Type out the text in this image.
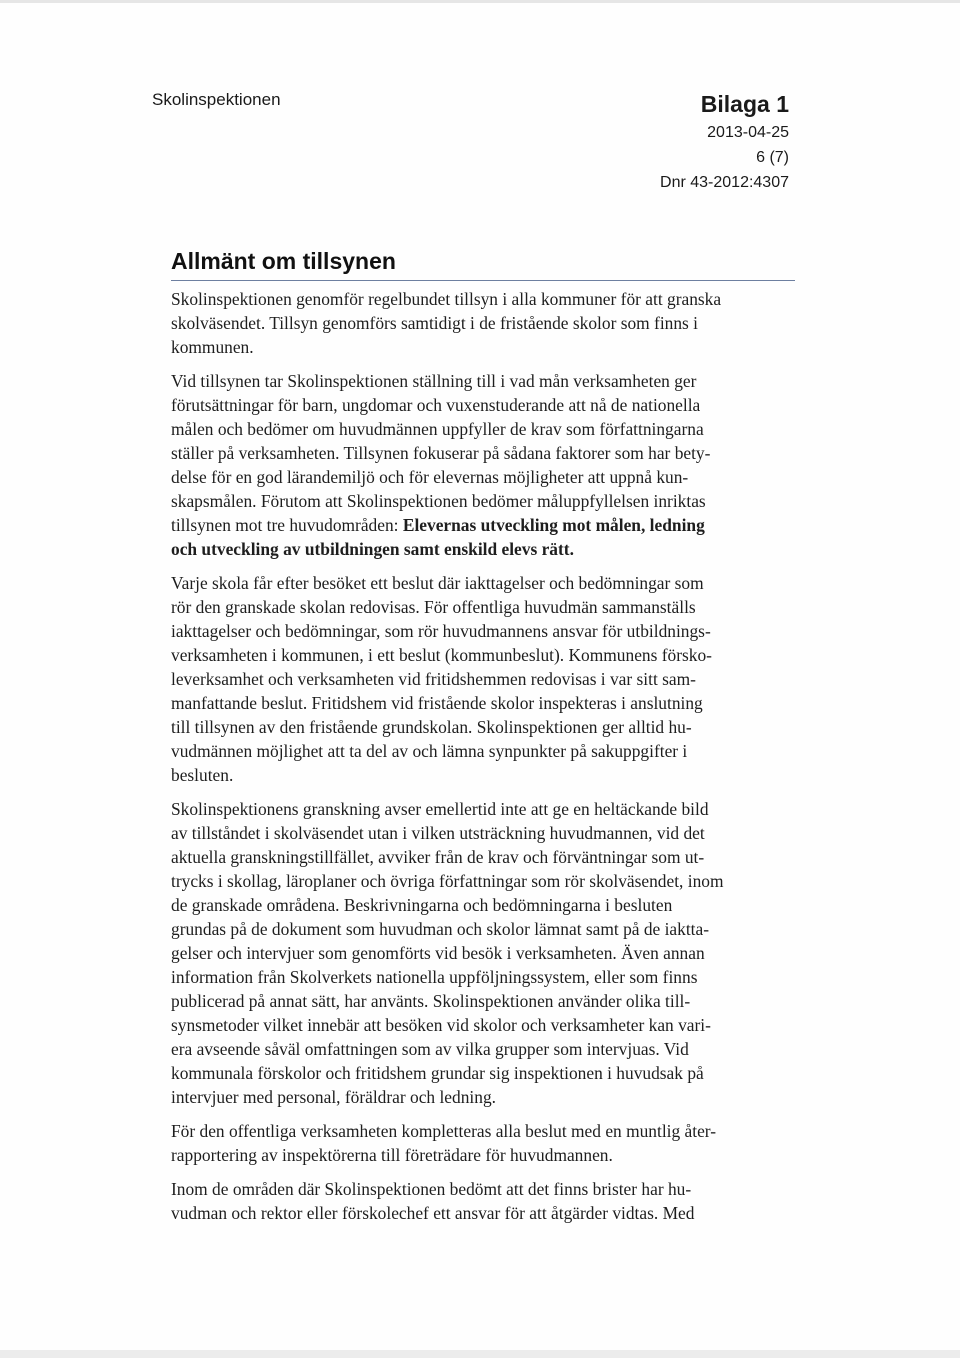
Skolinspektionen	Bilaga 1
2013-04-25
6 (7)
Dnr 43-2012:4307
Allmänt om tillsynen

Skolinspektionen genomför regelbundet tillsyn i alla kommuner för att granska
skolväsendet. Tillsyn genomförs samtidigt i de fristående skolor som finns i
kommunen.

Vid tillsynen tar Skolinspektionen ställning till i vad mån verksamheten ger
förutsättningar för barn, ungdomar och vuxenstuderande att nå de nationella
målen och bedömer om huvudmännen uppfyller de krav som författningarna
ställer på verksamheten. Tillsynen fokuserar på sådana faktorer som har bety-
delse för en god lärandemiljö och för elevernas möjligheter att uppnå kun-
skapsmålen. Förutom att Skolinspektionen bedömer måluppfyllelsen inriktas
tillsynen mot tre huvudområden: Elevernas utveckling mot målen, ledning
och utveckling av utbildningen samt enskild elevs rätt.

Varje skola får efter besöket ett beslut där iakttagelser och bedömningar som
rör den granskade skolan redovisas. För offentliga huvudmän sammanställs
iakttagelser och bedömningar, som rör huvudmannens ansvar för utbildnings-
verksamheten i kommunen, i ett beslut (kommunbeslut). Kommunens försko-
leverksamhet och verksamheten vid fritidshemmen redovisas i var sitt sam-
manfattande beslut. Fritidshem vid fristående skolor inspekteras i anslutning
till tillsynen av den fristående grundskolan. Skolinspektionen ger alltid hu-
vudmännen möjlighet att ta del av och lämna synpunkter på sakuppgifter i
besluten.

Skolinspektionens granskning avser emellertid inte att ge en heltäckande bild
av tillståndet i skolväsendet utan i vilken utsträckning huvudmannen, vid det
aktuella granskningstillfället, avviker från de krav och förväntningar som ut-
trycks i skollag, läroplaner och övriga författningar som rör skolväsendet, inom
de granskade områdena. Beskrivningarna och bedömningarna i besluten
grundas på de dokument som huvudman och skolor lämnat samt på de iaktta-
gelser och intervjuer som genomförts vid besök i verksamheten. Även annan
information från Skolverkets nationella uppföljningssystem, eller som finns
publicerad på annat sätt, har använts. Skolinspektionen använder olika till-
synsmetoder vilket innebär att besöken vid skolor och verksamheter kan vari-
era avseende såväl omfattningen som av vilka grupper som intervjuas. Vid
kommunala förskolor och fritidshem grundar sig inspektionen i huvudsak på
intervjuer med personal, föräldrar och ledning.

För den offentliga verksamheten kompletteras alla beslut med en muntlig åter-
rapportering av inspektörerna till företrädare för huvudmannen.

Inom de områden där Skolinspektionen bedömt att det finns brister har hu-
vudman och rektor eller förskolechef ett ansvar för att åtgärder vidtas. Med
